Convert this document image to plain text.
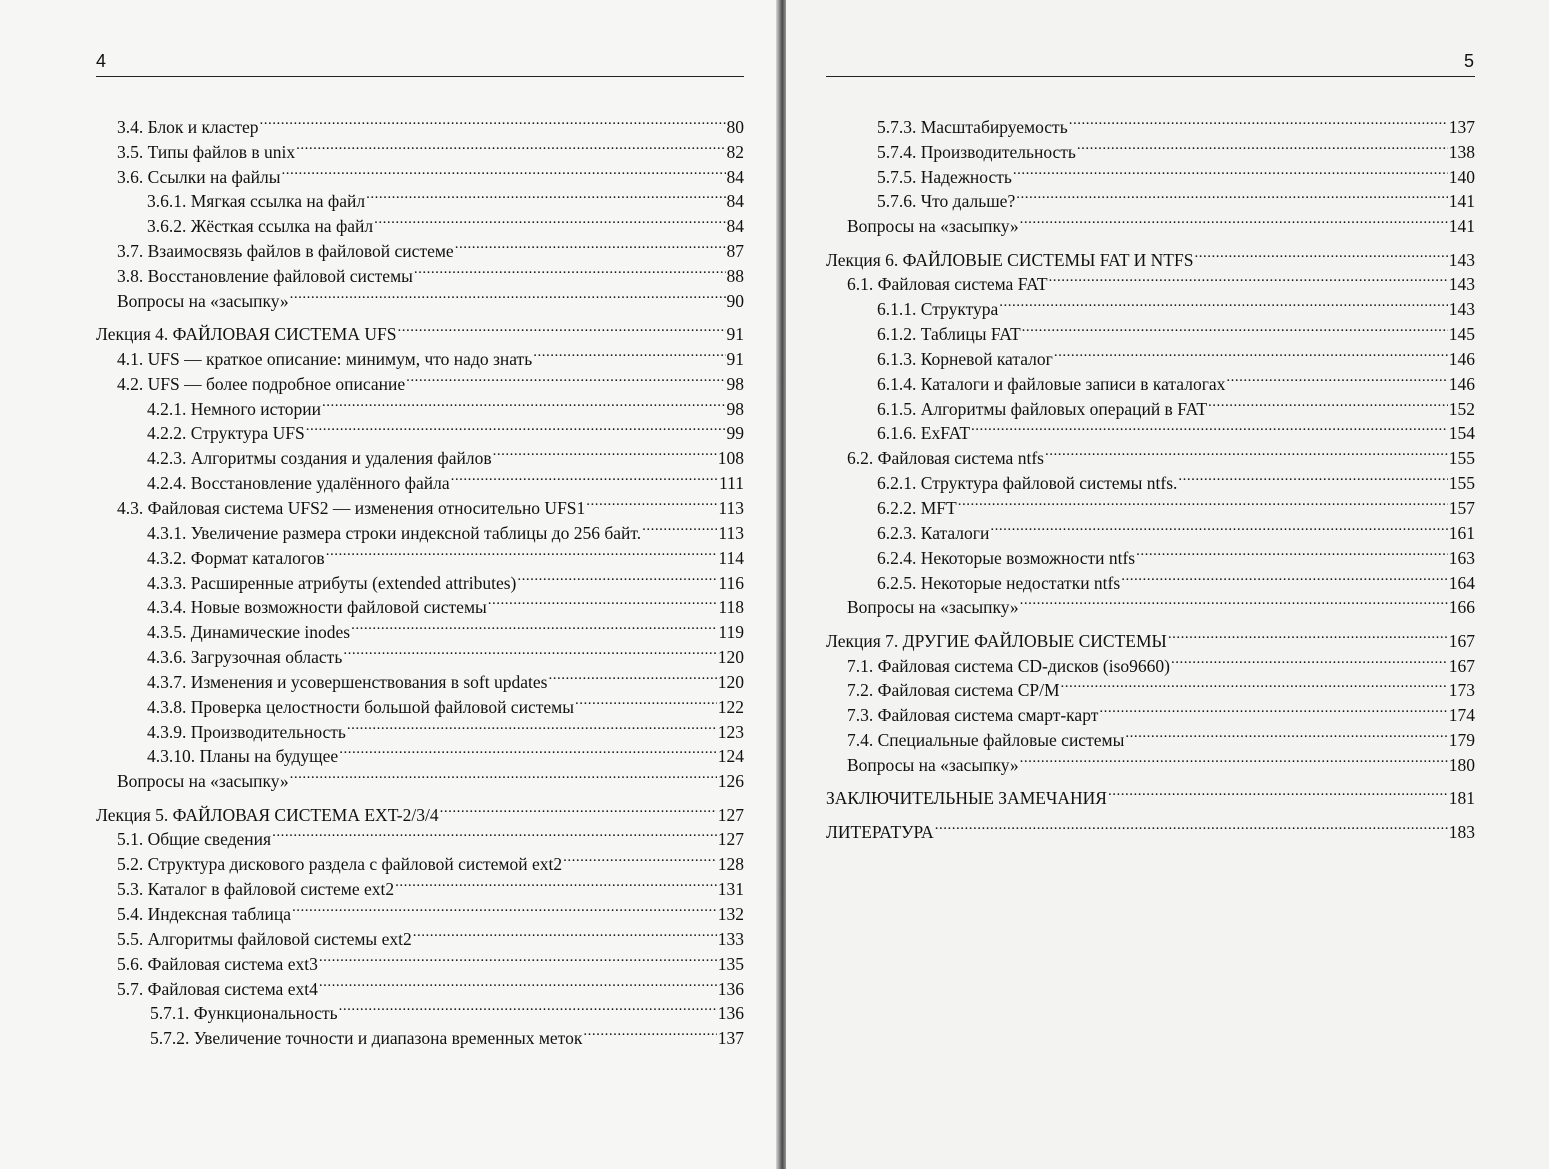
4
3.4. Блок и кластер .....	80
3.5. Типы файлов в unix .....	82
3.6. Ссылки на файлы .....	84
3.6.1. Мягкая ссылка на файл .....	84
3.6.2. Жёсткая ссылка на файл .....	84
3.7. Взаимосвязь файлов в файловой системе .....	87
3.8. Восстановление файловой системы .....	88
Вопросы на «засыпку» .....	90
Лекция 4. ФАЙЛОВАЯ СИСТЕМА UFS .....	91
4.1. UFS — краткое описание: минимум, что надо знать .....	91
4.2. UFS — более подробное описание .....	98
4.2.1. Немного истории .....	98
4.2.2. Структура UFS .....	99
4.2.3. Алгоритмы создания и удаления файлов .....	108
4.2.4. Восстановление удалённого файла .....	111
4.3. Файловая система UFS2 — изменения относительно UFS1 .....	113
4.3.1. Увеличение размера строки индексной таблицы до 256 байт. .....	113
4.3.2. Формат каталогов .....	114
4.3.3. Расширенные атрибуты (extended attributes) .....	116
4.3.4. Новые возможности файловой системы .....	118
4.3.5. Динамические inodes .....	119
4.3.6. Загрузочная область .....	120
4.3.7. Изменения и усовершенствования в soft updates .....	120
4.3.8. Проверка целостности большой файловой системы .....	122
4.3.9. Производительность .....	123
4.3.10. Планы на будущее .....	124
Вопросы на «засыпку» .....	126
Лекция 5. ФАЙЛОВАЯ СИСТЕМА EXT-2/3/4 .....	127
5.1. Общие сведения .....	127
5.2. Структура дискового раздела с файловой системой ext2 .....	128
5.3. Каталог в файловой системе ext2 .....	131
5.4. Индексная таблица .....	132
5.5. Алгоритмы файловой системы ext2 .....	133
5.6. Файловая система ext3 .....	135
5.7. Файловая система ext4 .....	136
5.7.1. Функциональность .....	136
5.7.2. Увеличение точности и диапазона временных меток .....	137
5
5.7.3. Масштабируемость .....	137
5.7.4. Производительность .....	138
5.7.5. Надежность .....	140
5.7.6. Что дальше? .....	141
Вопросы на «засыпку» .....	141
Лекция 6. ФАЙЛОВЫЕ СИСТЕМЫ FAT И NTFS .....	143
6.1. Файловая система FAT .....	143
6.1.1. Структура .....	143
6.1.2. Таблицы FAT .....	145
6.1.3. Корневой каталог .....	146
6.1.4. Каталоги и файловые записи в каталогах .....	146
6.1.5. Алгоритмы файловых операций в FAT .....	152
6.1.6. ExFAT .....	154
6.2. Файловая система ntfs .....	155
6.2.1. Структура файловой системы ntfs. .....	155
6.2.2. MFT .....	157
6.2.3. Каталоги .....	161
6.2.4. Некоторые возможности ntfs .....	163
6.2.5. Некоторые недостатки ntfs .....	164
Вопросы на «засыпку» .....	166
Лекция 7. ДРУГИЕ ФАЙЛОВЫЕ СИСТЕМЫ .....	167
7.1. Файловая система CD-дисков (iso9660) .....	167
7.2. Файловая система CP/M .....	173
7.3. Файловая система смарт-карт .....	174
7.4. Специальные файловые системы .....	179
Вопросы на «засыпку» .....	180
ЗАКЛЮЧИТЕЛЬНЫЕ ЗАМЕЧАНИЯ .....	181
ЛИТЕРАТУРА .....	183
